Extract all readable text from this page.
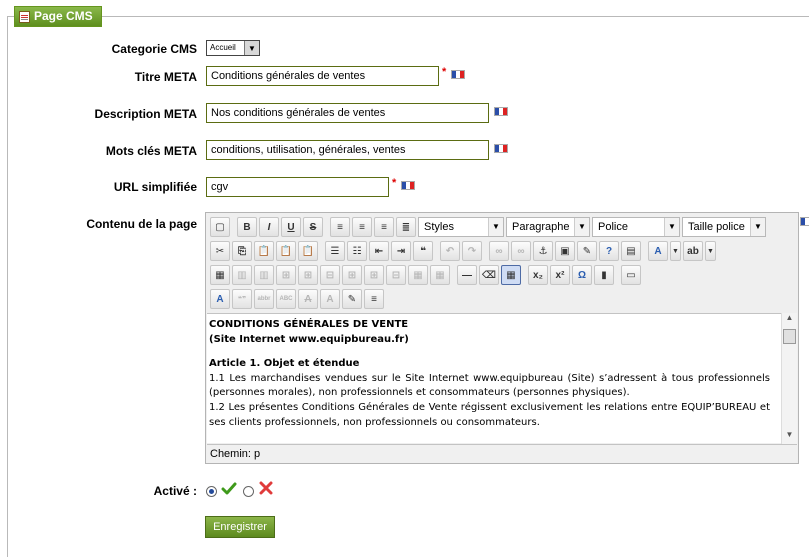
Page CMS
Categorie CMS	Accueil	▼
Titre META
Conditions générales de ventes	*
Description META
Nos conditions générales de ventes
Mots clés META
conditions, utilisation, générales, ventes
URL simplifiée
cgv	*
Contenu de la page	▢	B	I	U	S	≡	≡	≡	≣	Styles	▼	Paragraphe	▼	Police	▼	Taille police	▼
✂	⎘	📋 📋 📋	☰	☷	⇤	⇥	❝	↶	↷	∞	∞	⚓	▣	✎	?	▤	A	▼ ab	▼
▦	▥	▥	⊞	⊞	⊟	⊞	⊞	⊟	▦	▦	— ⌫	▦	x₂	x²	Ω	▮	▭
A	❝❞	abbr	ABC	A	A	✎	≡

CONDITIONS GÉNÉRALES DE VENTE

(Site Internet www.equipbureau.fr)

Article 1. Objet et étendue

1.1 Les marchandises vendues sur le Site Internet www.equipbureau (Site) s’adressent à tous professionnels (personnes morales), non professionnels et consommateurs (personnes physiques).

1.2 Les présentes Conditions Générales de Vente régissent exclusivement les relations entre EQUIP’BUREAU et ses clients professionnels, non professionnels ou consommateurs.

▲
▼
Chemin: p
Activé :
Enregistrer
